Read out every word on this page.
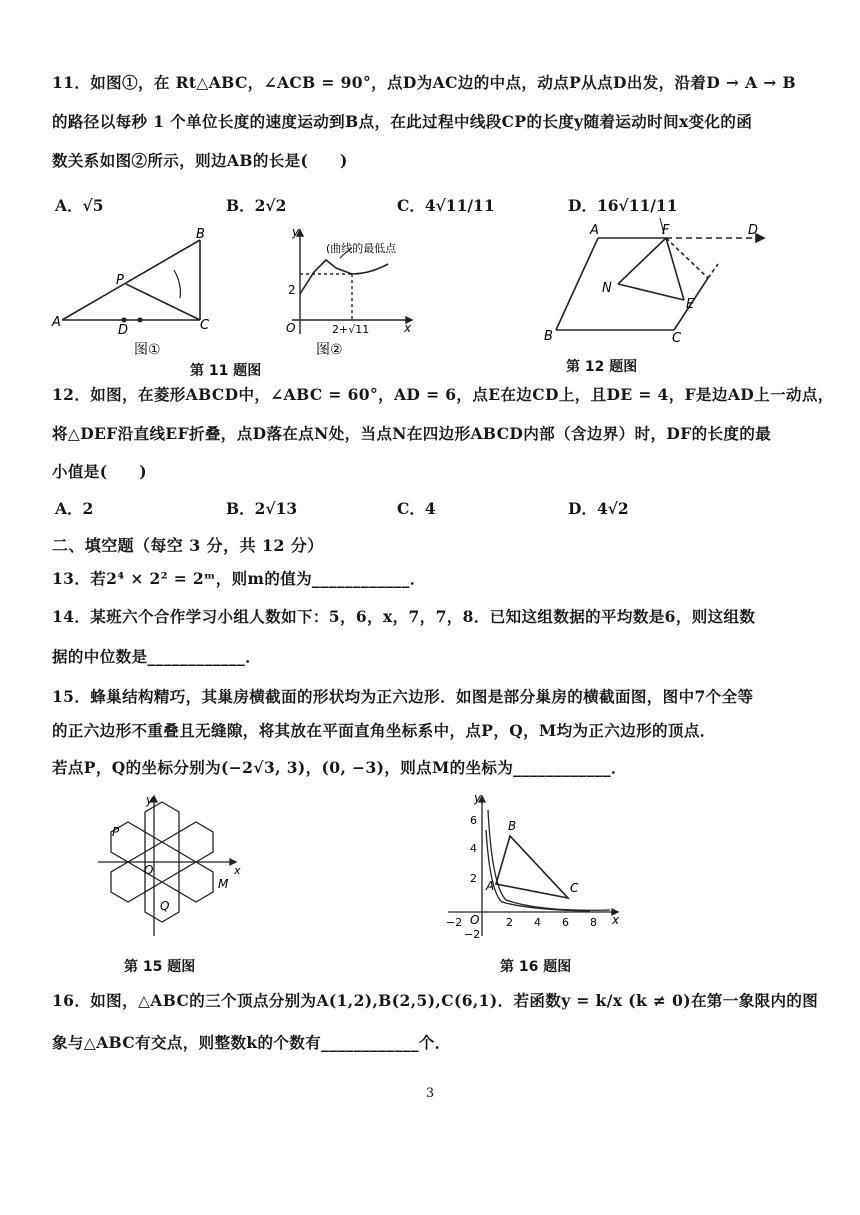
11．如图①，在 Rt△ABC，∠ACB = 90°，点D为AC边的中点，动点P从点D出发，沿着D → A → B
的路径以每秒 1 个单位长度的速度运动到B点，在此过程中线段CP的长度y随着运动时间x变化的函
数关系如图②所示，则边AB的长是(　　)
A．√5	B．2√2	C．4√11/11	D．16√11/11
A
B
C
D
P
图①
y
O	x
2
2+√11
(曲线的最低点
图②
第 11 题图
A	F	D
N
E
B	C
第 12 题图
12．如图，在菱形ABCD中，∠ABC = 60°，AD = 6，点E在边CD上，且DE = 4，F是边AD上一动点，
将△DEF沿直线EF折叠，点D落在点N处，当点N在四边形ABCD内部（含边界）时，DF的长度的最
小值是(　　)
A．2	B．2√13	C．4	D．4√2
二、填空题（每空 3 分，共 12 分）
13．若2⁴ × 2² = 2ᵐ，则m的值为____________．
14．某班六个合作学习小组人数如下：5，6，x，7，7，8．已知这组数据的平均数是6，则这组数
据的中位数是____________．
15．蜂巢结构精巧，其巢房横截面的形状均为正六边形．如图是部分巢房的横截面图，图中7个全等
的正六边形不重叠且无缝隙，将其放在平面直角坐标系中，点P，Q，M均为正六边形的顶点．
若点P，Q的坐标分别为(−2√3, 3)，(0, −3)，则点M的坐标为____________．
y
x
O
P
Q
M
第 15 题图
−2	2 4 6 8
6
4
2
−2
y
x
O
A
B
C
第 16 题图
16．如图，△ABC的三个顶点分别为A(1,2),B(2,5),C(6,1)．若函数y = k/x (k ≠ 0)在第一象限内的图
象与△ABC有交点，则整数k的个数有____________个．
3
